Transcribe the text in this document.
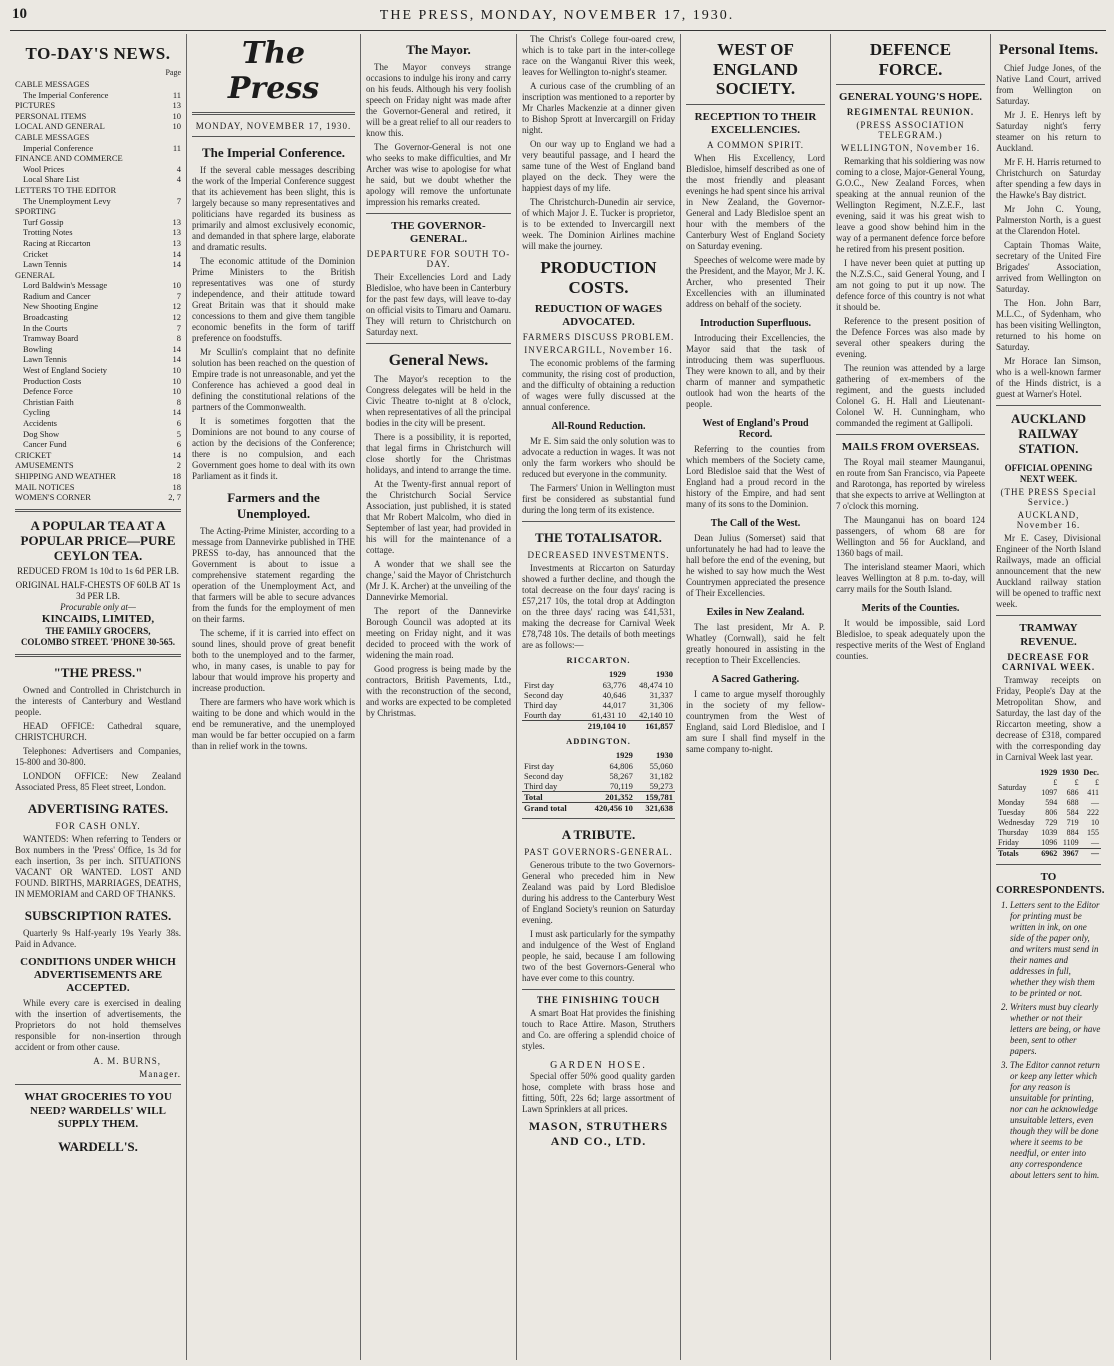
10	THE PRESS, MONDAY, NOVEMBER 17, 1930.
TO-DAY'S NEWS.
Page
CABLE MESSAGES
The Imperial Conference	11
PICTURES	13
PERSONAL ITEMS	10
LOCAL AND GENERAL	10
CABLE MESSAGES
Imperial Conference	11
FINANCE AND COMMERCE
Wool Prices	4
Local Share List	4
LETTERS TO THE EDITOR
The Unemployment Levy	7
SPORTING
Turf Gossip	13
Trotting Notes	13
Racing at Riccarton	13
Cricket	14
Lawn Tennis	14
GENERAL
Lord Baldwin's Message	10
Radium and Cancer	7
New Shooting Engine	12
Broadcasting	12
In the Courts	7
Tramway Board	8
Bowling	14
Lawn Tennis	14
West of England Society	10
Production Costs	10
Defence Force	10
Christian Faith	8
Cycling	14
Accidents	6
Dog Show	5
Cancer Fund	6
CRICKET	14
AMUSEMENTS	2
SHIPPING AND WEATHER	18
MAIL NOTICES	18
WOMEN'S CORNER	2, 7
A POPULAR TEA AT A
POPULAR PRICE—PURE
CEYLON TEA.
REDUCED FROM 1s 10d to 1s 6d PER LB.
ORIGINAL HALF-CHESTS OF 60LB AT 1s 3d PER LB.
Procurable only at—
KINCAIDS, LIMITED,
THE FAMILY GROCERS,
COLOMBO STREET. 'PHONE 30-565.
"THE PRESS."

Owned and Controlled in Christchurch in the interests of Canterbury and Westland people.

HEAD OFFICE: Cathedral square, CHRISTCHURCH.

Telephones: Advertisers and Companies, 15-800 and 30-800.

LONDON OFFICE: New Zealand Associated Press, 85 Fleet street, London.

ADVERTISING RATES.
FOR CASH ONLY.

WANTEDS: When referring to Tenders or Box numbers in the 'Press' Office, 1s 3d for each insertion, 3s per inch. SITUATIONS VACANT OR WANTED. LOST AND FOUND. BIRTHS, MARRIAGES, DEATHS, IN MEMORIAM and CARD OF THANKS.

SUBSCRIPTION RATES.

Quarterly 9s Half-yearly 19s Yearly 38s. Paid in Advance.

CONDITIONS UNDER WHICH ADVERTISEMENTS ARE ACCEPTED.

While every care is exercised in dealing with the insertion of advertisements, the Proprietors do not hold themselves responsible for non-insertion through accident or from other cause.

A. M. BURNS,
Manager.
WHAT GROCERIES TO YOU NEED? WARDELLS' WILL SUPPLY THEM.
WARDELL'S.
The Press
MONDAY, NOVEMBER 17, 1930.
The Imperial Conference.

If the several cable messages describing the work of the Imperial Conference suggest that its achievement has been slight, this is largely because so many representatives and politicians have regarded its business as primarily and almost exclusively economic, and demanded in that sphere large, elaborate and dramatic results.

The economic attitude of the Dominion Prime Ministers to the British representatives was one of sturdy independence, and their attitude toward Great Britain was that it should make concessions to them and give them tangible economic benefits in the form of tariff preference on foodstuffs.

Mr Scullin's complaint that no definite solution has been reached on the question of Empire trade is not unreasonable, and yet the Conference has achieved a good deal in defining the constitutional relations of the partners of the Commonwealth.

It is sometimes forgotten that the Dominions are not bound to any course of action by the decisions of the Conference; there is no compulsion, and each Government goes home to deal with its own Parliament as it finds it.

Farmers and the Unemployed.

The Acting-Prime Minister, according to a message from Dannevirke published in THE PRESS to-day, has announced that the Government is about to issue a comprehensive statement regarding the operation of the Unemployment Act, and that farmers will be able to secure advances from the funds for the employment of men on their farms.

The scheme, if it is carried into effect on sound lines, should prove of great benefit both to the unemployed and to the farmer, who, in many cases, is unable to pay for labour that would improve his property and increase production.

There are farmers who have work which is waiting to be done and which would in the end be remunerative, and the unemployed man would be far better occupied on a farm than in relief work in the towns.

The Mayor.

The Mayor conveys strange occasions to indulge his irony and carry on his feuds. Although his very foolish speech on Friday night was made after the Governor-General and retired, it will be a great relief to all our readers to know this.

The Governor-General is not one who seeks to make difficulties, and Mr Archer was wise to apologise for what he said, but we doubt whether the apology will remove the unfortunate impression his remarks created.

THE GOVERNOR-GENERAL.
DEPARTURE FOR SOUTH TO-DAY.

Their Excellencies Lord and Lady Bledisloe, who have been in Canterbury for the past few days, will leave to-day on official visits to Timaru and Oamaru. They will return to Christchurch on Saturday next.

General News.

The Mayor's reception to the Congress delegates will be held in the Civic Theatre to-night at 8 o'clock, when representatives of all the principal bodies in the city will be present.

There is a possibility, it is reported, that legal firms in Christchurch will close shortly for the Christmas holidays, and intend to arrange the time.

At the Twenty-first annual report of the Christchurch Social Service Association, just published, it is stated that Mr Robert Malcolm, who died in September of last year, had provided in his will for the maintenance of a cottage.

A wonder that we shall see the change,' said the Mayor of Christchurch (Mr J. K. Archer) at the unveiling of the Dannevirke Memorial.

The report of the Dannevirke Borough Council was adopted at its meeting on Friday night, and it was decided to proceed with the work of widening the main road.

Good progress is being made by the contractors, British Pavements, Ltd., with the reconstruction of the second, and works are expected to be completed by Christmas.

The Christ's College four-oared crew, which is to take part in the inter-college race on the Wanganui River this week, leaves for Wellington to-night's steamer.

A curious case of the crumbling of an inscription was mentioned to a reporter by Mr Charles Mackenzie at a dinner given to Bishop Sprott at Invercargill on Friday night.

On our way up to England we had a very beautiful passage, and I heard the same tune of the West of England band played on the deck. They were the happiest days of my life.

The Christchurch-Dunedin air service, of which Major J. E. Tucker is proprietor, is to be extended to Invercargill next week. The Dominion Airlines machine will make the journey.

PRODUCTION COSTS.
REDUCTION OF WAGES ADVOCATED.
FARMERS DISCUSS PROBLEM.
INVERCARGILL, November 16.

The economic problems of the farming community, the rising cost of production, and the difficulty of obtaining a reduction of wages were fully discussed at the annual conference.

All-Round Reduction.

Mr E. Sim said the only solution was to advocate a reduction in wages. It was not only the farm workers who should be reduced but everyone in the community.

The Farmers' Union in Wellington must first be considered as substantial fund during the long term of its existence.

THE TOTALISATOR.
DECREASED INVESTMENTS.

Investments at Riccarton on Saturday showed a further decline, and though the total decrease on the four days' racing is £57,217 10s, the total drop at Addington on the three days' racing was £41,531, making the decrease for Carnival Week £78,748 10s. The details of both meetings are as follows:—

RICCARTON.
	1929	1930
First day	63,776	48,474 10
Second day	40,646	31,337
Third day	44,017	31,306
Fourth day	61,431 10	42,140 10
	219,104 10	161,857
ADDINGTON.
	1929	1930
First day	64,806	55,060
Second day	58,267	31,182
Third day	70,119	59,273
Total	201,352	159,781
Grand total	420,456 10	321,638
A TRIBUTE.
PAST GOVERNORS-GENERAL.

Generous tribute to the two Governors-General who preceded him in New Zealand was paid by Lord Bledisloe during his address to the Canterbury West of England Society's reunion on Saturday evening.

I must ask particularly for the sympathy and indulgence of the West of England people, he said, because I am following two of the best Governors-General who have ever come to this country.

THE FINISHING TOUCH

A smart Boat Hat provides the finishing touch to Race Attire. Mason, Struthers and Co. are offering a splendid choice of styles.

GARDEN HOSE.

Special offer 50% good quality garden hose, complete with brass hose and fitting, 50ft, 22s 6d; large assortment of Lawn Sprinklers at all prices.

MASON, STRUTHERS AND CO., LTD.
WEST OF ENGLAND SOCIETY.
RECEPTION TO THEIR EXCELLENCIES.
A COMMON SPIRIT.

When His Excellency, Lord Bledisloe, himself described as one of the most friendly and pleasant evenings he had spent since his arrival in New Zealand, the Governor-General and Lady Bledisloe spent an hour with the members of the Canterbury West of England Society on Saturday evening.

Speeches of welcome were made by the President, and the Mayor, Mr J. K. Archer, who presented Their Excellencies with an illuminated address on behalf of the society.

Introduction Superfluous.

Introducing their Excellencies, the Mayor said that the task of introducing them was superfluous. They were known to all, and by their charm of manner and sympathetic outlook had won the hearts of the people.

West of England's Proud Record.

Referring to the counties from which members of the Society came, Lord Bledisloe said that the West of England had a proud record in the history of the Empire, and had sent many of its sons to the Dominion.

The Call of the West.

Dean Julius (Somerset) said that unfortunately he had had to leave the hall before the end of the evening, but he wished to say how much the West Countrymen appreciated the presence of Their Excellencies.

Exiles in New Zealand.

The last president, Mr A. P. Whatley (Cornwall), said he felt greatly honoured in assisting in the reception to Their Excellencies.

A Sacred Gathering.

I came to argue myself thoroughly in the society of my fellow-countrymen from the West of England, said Lord Bledisloe, and I am sure I shall find myself in the same company to-night.

DEFENCE FORCE.
GENERAL YOUNG'S HOPE.
REGIMENTAL REUNION.
(PRESS ASSOCIATION TELEGRAM.)
WELLINGTON, November 16.

Remarking that his soldiering was now coming to a close, Major-General Young, G.O.C., New Zealand Forces, when speaking at the annual reunion of the Wellington Regiment, N.Z.E.F., last evening, said it was his great wish to leave a good show behind him in the way of a permanent defence force before he retired from his present position.

I have never been quiet at putting up the N.Z.S.C., said General Young, and I am not going to put it up now. The defence force of this country is not what it should be.

Reference to the present position of the Defence Forces was also made by several other speakers during the evening.

The reunion was attended by a large gathering of ex-members of the regiment, and the guests included Colonel G. H. Hall and Lieutenant-Colonel W. H. Cunningham, who commanded the regiment at Gallipoli.

MAILS FROM OVERSEAS.

The Royal mail steamer Maunganui, en route from San Francisco, via Papeete and Rarotonga, has reported by wireless that she expects to arrive at Wellington at 7 o'clock this morning.

The Maunganui has on board 124 passengers, of whom 68 are for Wellington and 56 for Auckland, and 1360 bags of mail.

The interisland steamer Maori, which leaves Wellington at 8 p.m. to-day, will carry mails for the South Island.

Merits of the Counties.

It would be impossible, said Lord Bledisloe, to speak adequately upon the respective merits of the West of England counties.

Personal Items.

Chief Judge Jones, of the Native Land Court, arrived from Wellington on Saturday.

Mr J. E. Henrys left by Saturday night's ferry steamer on his return to Auckland.

Mr F. H. Harris returned to Christchurch on Saturday after spending a few days in the Hawke's Bay district.

Mr John C. Young, Palmerston North, is a guest at the Clarendon Hotel.

Captain Thomas Waite, secretary of the United Fire Brigades' Association, arrived from Wellington on Saturday.

The Hon. John Barr, M.L.C., of Sydenham, who has been visiting Wellington, returned to his home on Saturday.

Mr Horace Ian Simson, who is a well-known farmer of the Hinds district, is a guest at Warner's Hotel.

AUCKLAND RAILWAY STATION.
OFFICIAL OPENING NEXT WEEK.
(THE PRESS Special Service.)
AUCKLAND, November 16.

Mr E. Casey, Divisional Engineer of the North Island Railways, made an official announcement that the new Auckland railway station will be opened to traffic next week.

TRAMWAY REVENUE.
DECREASE FOR CARNIVAL WEEK.

Tramway receipts on Friday, People's Day at the Metropolitan Show, and Saturday, the last day of the Riccarton meeting, show a decrease of £318, compared with the corresponding day in Carnival Week last year.

	1929	1930	Dec.
Saturday	£ 1097	£ 686	£ 411
Monday	594	688	—
Tuesday	806	584	222
Wednesday	729	719	10
Thursday	1039	884	155
Friday	1096	1109	—
Totals	6962	3967	—
TO CORRESPONDENTS.
1. Letters sent to the Editor for printing must be written in ink, on one side of the paper only, and writers must send in their names and addresses in full, whether they wish them to be printed or not.
2. Writers must buy clearly whether or not their letters are being, or have been, sent to other papers.
3. The Editor cannot return or keep any letter which for any reason is unsuitable for printing, nor can he acknowledge unsuitable letters, even though they will be done where it seems to be needful, or enter into any correspondence about letters sent to him.
